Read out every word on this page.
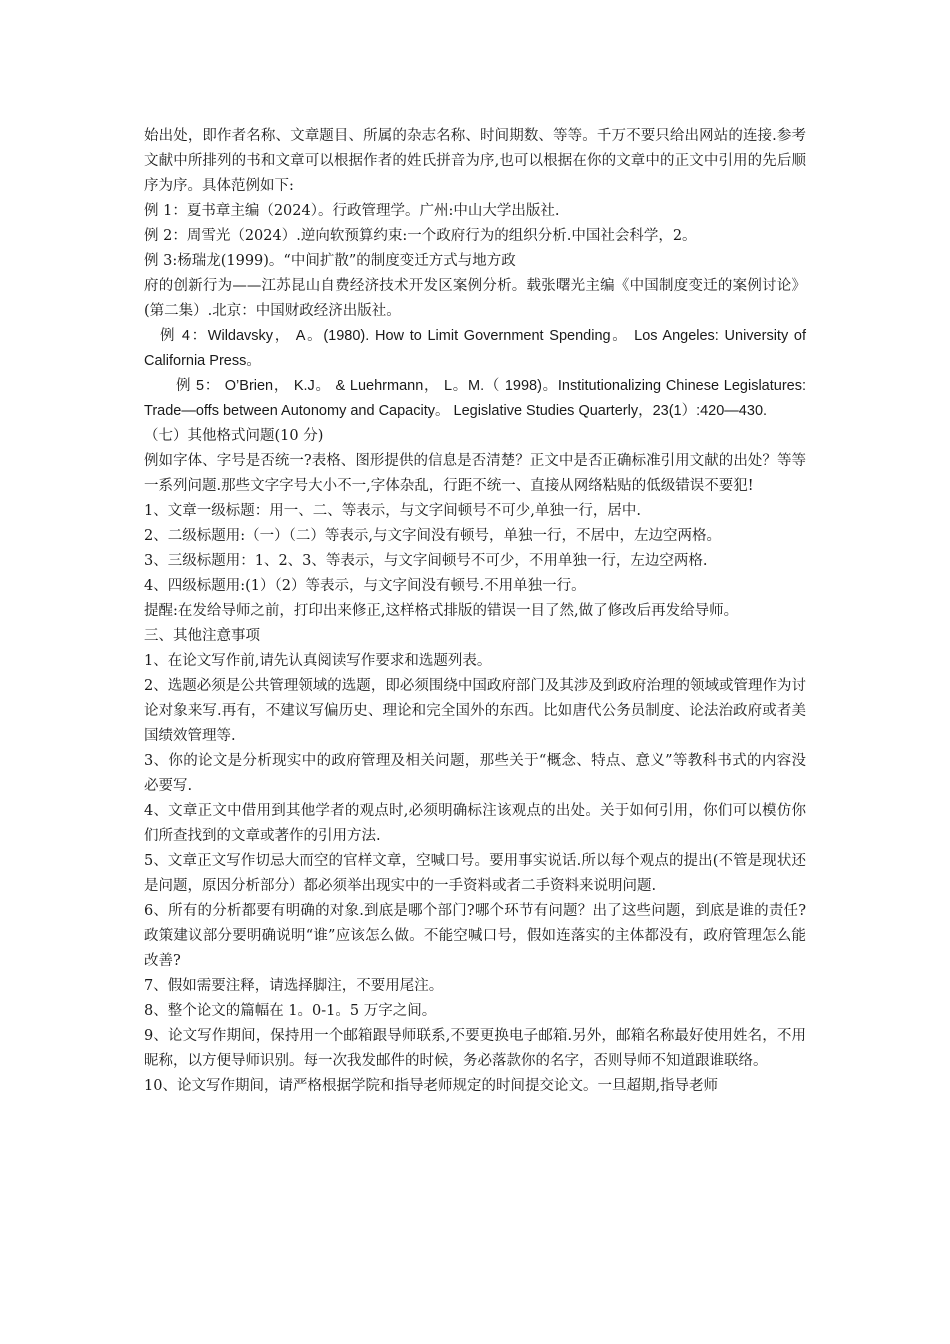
始出处，即作者名称、文章题目、所属的杂志名称、时间期数、等等。千万不要只给出网站的连接.参考文献中所排列的书和文章可以根据作者的姓氏拼音为序,也可以根据在你的文章中的正文中引用的先后顺序为序。具体范例如下:

例 1：夏书章主编（2024）。行政管理学。广州:中山大学出版社.

例 2：周雪光（2024）.逆向软预算约束:一个政府行为的组织分析.中国社会科学，2。

例 3:杨瑞龙(1999)。“中间扩散”的制度变迁方式与地方政

府的创新行为——江苏昆山自费经济技术开发区案例分析。载张曙光主编《中国制度变迁的案例讨论》(第二集）.北京：中国财政经济出版社。

例 4：Wildavsky， A。(1980). How to Limit Government Spending。 Los Angeles: University of California Press。

例 5： O’Brien， K.J。 & Luehrmann， L。M.（ 1998)。Institutionalizing Chinese Legislatures: Trade—offs between Autonomy and Capacity。 Legislative Studies Quarterly，23(1）:420—430.

（七）其他格式问题(10 分)

例如字体、字号是否统一?表格、图形提供的信息是否清楚？正文中是否正确标准引用文献的出处？等等一系列问题.那些文字字号大小不一,字体杂乱，行距不统一、直接从网络粘贴的低级错误不要犯!

1、文章一级标题：用一、二、等表示，与文字间顿号不可少,单独一行，居中.

2、二级标题用:（一）（二）等表示,与文字间没有顿号，单独一行，不居中，左边空两格。

3、三级标题用：1、2、3、等表示，与文字间顿号不可少，不用单独一行，左边空两格.

4、四级标题用:(1）（2）等表示，与文字间没有顿号.不用单独一行。

提醒:在发给导师之前，打印出来修正,这样格式排版的错误一目了然,做了修改后再发给导师。

三、其他注意事项

1、在论文写作前,请先认真阅读写作要求和选题列表。

2、选题必须是公共管理领域的选题，即必须围绕中国政府部门及其涉及到政府治理的领域或管理作为讨论对象来写.再有，不建议写偏历史、理论和完全国外的东西。比如唐代公务员制度、论法治政府或者美国绩效管理等.

3、你的论文是分析现实中的政府管理及相关问题，那些关于“概念、特点、意义”等教科书式的内容没必要写.

4、文章正文中借用到其他学者的观点时,必须明确标注该观点的出处。关于如何引用，你们可以模仿你们所查找到的文章或著作的引用方法.

5、文章正文写作切忌大而空的官样文章，空喊口号。要用事实说话.所以每个观点的提出(不管是现状还是问题，原因分析部分）都必须举出现实中的一手资料或者二手资料来说明问题.

6、所有的分析都要有明确的对象.到底是哪个部门?哪个环节有问题？出了这些问题，到底是谁的责任?政策建议部分要明确说明“谁”应该怎么做。不能空喊口号，假如连落实的主体都没有，政府管理怎么能改善?

7、假如需要注释，请选择脚注，不要用尾注。

8、整个论文的篇幅在 1。0-1。5 万字之间。

9、论文写作期间，保持用一个邮箱跟导师联系,不要更换电子邮箱.另外，邮箱名称最好使用姓名，不用昵称，以方便导师识别。每一次我发邮件的时候，务必落款你的名字，否则导师不知道跟谁联络。

10、论文写作期间，请严格根据学院和指导老师规定的时间提交论文。一旦超期,指导老师
